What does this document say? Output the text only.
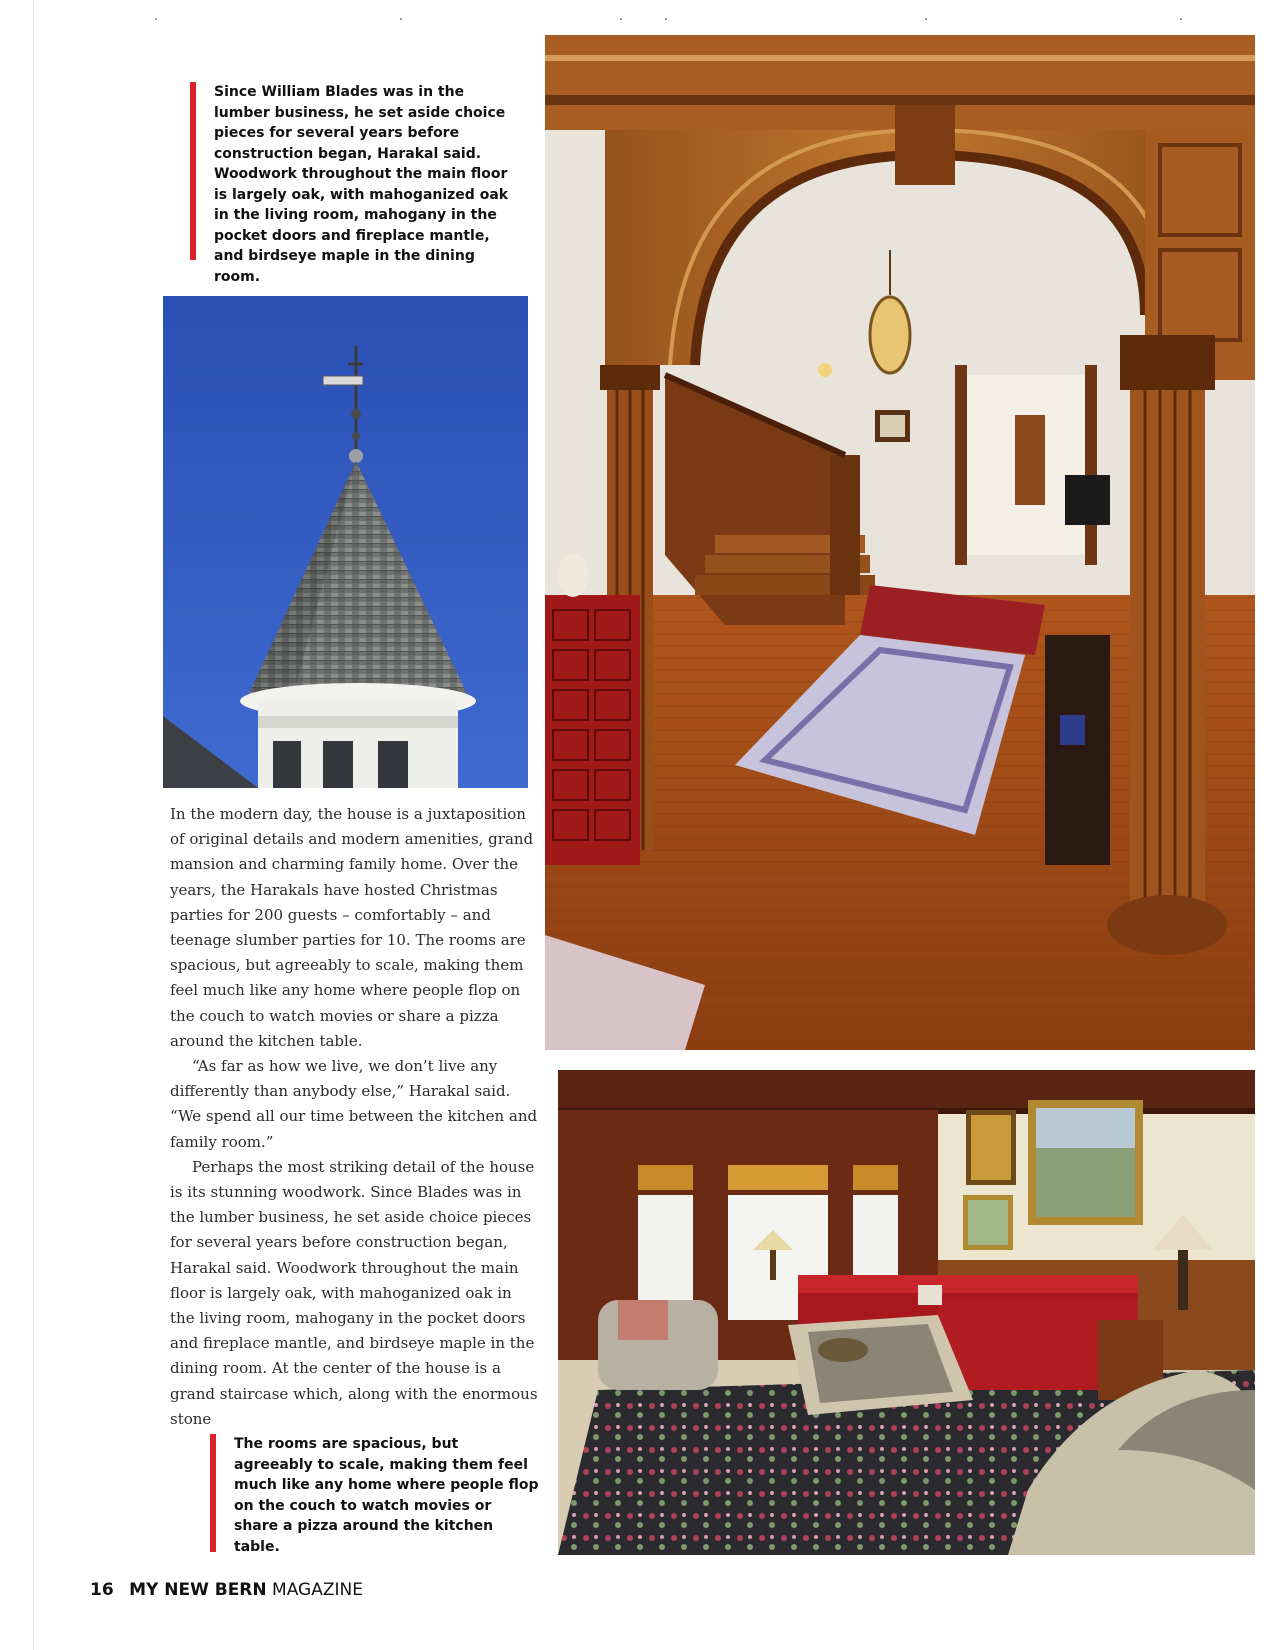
Since William Blades was in the lumber business, he set aside choice pieces for several years before construction began, Harakal said. Woodwork throughout the main floor is largely oak, with mahoganized oak in the living room, mahogany in the pocket doors and fireplace mantle, and birdseye maple in the dining room.

In the modern day, the house is a juxtaposition of original details and modern amenities, grand mansion and charming family home. Over the years, the Harakals have hosted Christmas parties for 200 guests – comfortably – and teenage slumber parties for 10. The rooms are spacious, but agreeably to scale, making them feel much like any home where people flop on the couch to watch movies or share a pizza around the kitchen table.

“As far as how we live, we don’t live any differently than anybody else,” Harakal said. “We spend all our time between the kitchen and family room.”

Perhaps the most striking detail of the house is its stunning woodwork. Since Blades was in the lumber business, he set aside choice pieces for several years before construction began, Harakal said. Woodwork throughout the main floor is largely oak, with mahoganized oak in the living room, mahogany in the pocket doors and fireplace mantle, and birdseye maple in the dining room. At the center of the house is a grand staircase which, along with the enormous stone

The rooms are spacious, but agreeably to scale, making them feel much like any home where people flop on the couch to watch movies or share a pizza around the kitchen table.
16 MY NEW BERN MAGAZINE
